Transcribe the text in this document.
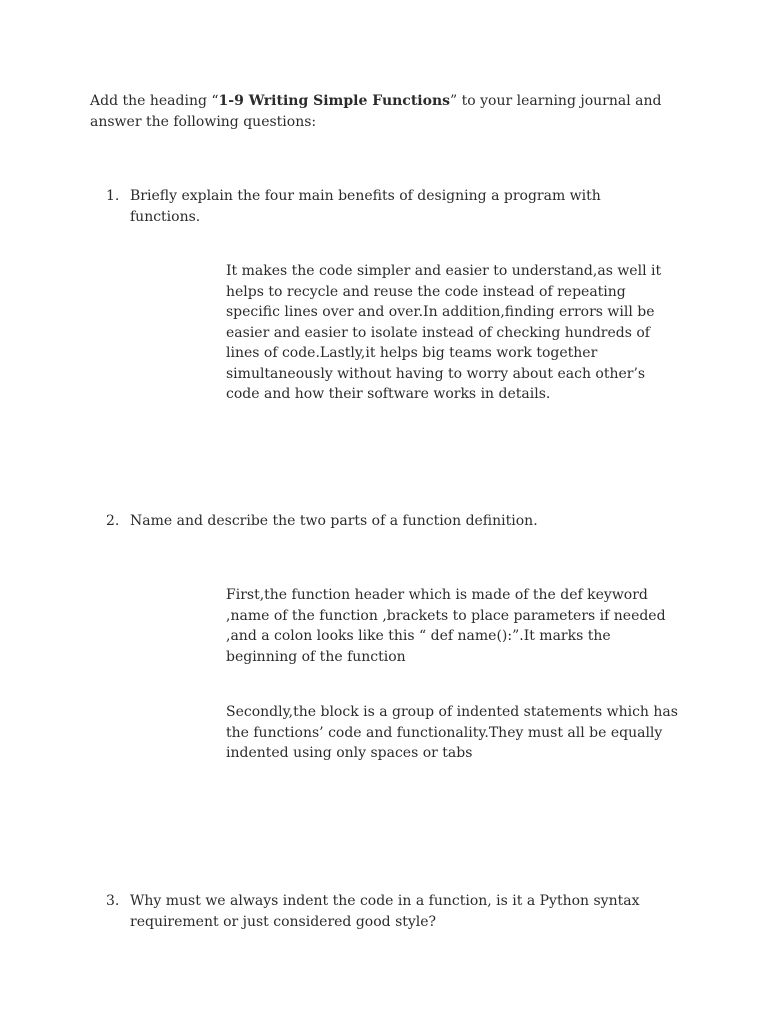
Add the heading “1-9 Writing Simple Functions” to your learning journal and answer the following questions:
1. Briefly explain the four main benefits of designing a program with functions.
It makes the code simpler and easier to understand,as well it helps to recycle and reuse the code instead of repeating specific lines over and over.In addition,finding errors will be easier and easier to isolate instead of checking hundreds of lines of code.Lastly,it helps big teams work together simultaneously without having to worry about each other’s code and how their software works in details.
2. Name and describe the two parts of a function definition.
First,the function header which is made of the def keyword ,name of the function ,brackets to place parameters if needed ,and a colon looks like this “ def name():”.It marks the beginning of the function
Secondly,the block is a group of indented statements which has the functions’ code and functionality.They must all be equally indented using only spaces or tabs
3. Why must we always indent the code in a function, is it a Python syntax requirement or just considered good style?
